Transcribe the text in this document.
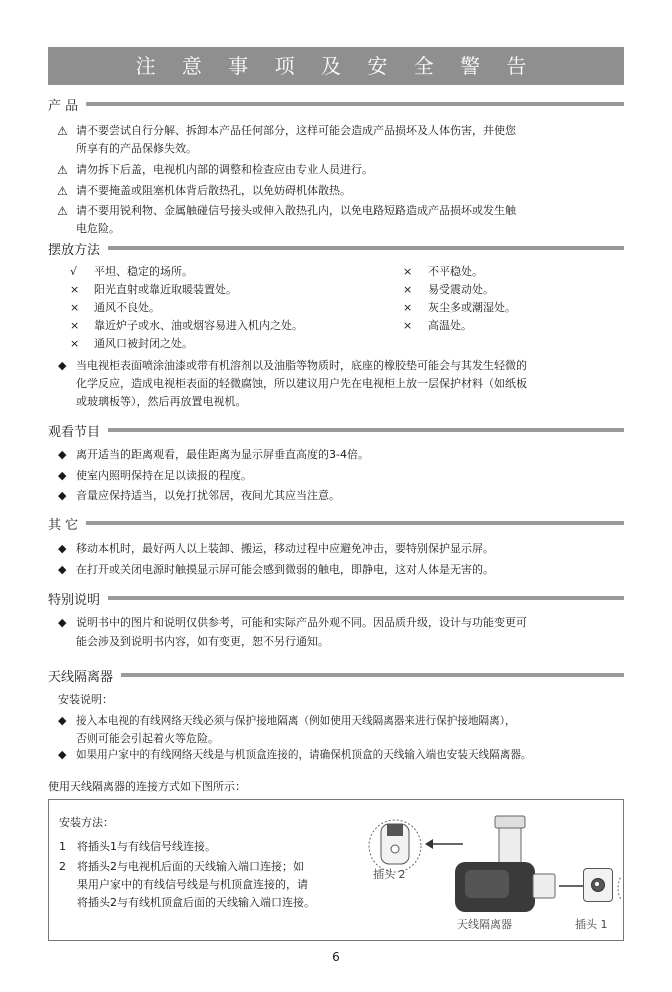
注 意 事 项 及 安 全 警 告
产 品
⚠ 请不要尝试自行分解、拆卸本产品任何部分，这样可能会造成产品损坏及人体伤害，并使您
所享有的产品保修失效。
⚠ 请勿拆下后盖，电视机内部的调整和检查应由专业人员进行。
⚠ 请不要掩盖或阻塞机体背后散热孔，以免妨碍机体散热。
⚠ 请不要用锐利物、金属触碰信号接头或伸入散热孔内，以免电路短路造成产品损坏或发生触
电危险。
摆放方法
√ 平坦、稳定的场所。
× 阳光直射或靠近取暖装置处。
× 通风不良处。
× 靠近炉子或水、油或烟容易进入机内之处。
× 通风口被封闭之处。
× 不平稳处。
× 易受震动处。
× 灰尘多或潮湿处。
× 高温处。
◆ 当电视柜表面喷涂油漆或带有机溶剂以及油脂等物质时，底座的橡胶垫可能会与其发生轻微的
化学反应，造成电视柜表面的轻微腐蚀，所以建议用户先在电视柜上放一层保护材料（如纸板
或玻璃板等），然后再放置电视机。
观看节目
◆ 离开适当的距离观看，最佳距离为显示屏垂直高度的3-4倍。
◆ 使室内照明保持在足以读报的程度。
◆ 音量应保持适当，以免打扰邻居，夜间尤其应当注意。
其 它
◆ 移动本机时，最好两人以上装卸、搬运，移动过程中应避免冲击，要特别保护显示屏。
◆ 在打开或关闭电源时触摸显示屏可能会感到微弱的触电，即静电，这对人体是无害的。
特别说明
◆ 说明书中的图片和说明仅供参考，可能和实际产品外观不同。因品质升级，设计与功能变更可
能会涉及到说明书内容，如有变更，恕不另行通知。
天线隔离器
安装说明：
◆ 接入本电视的有线网络天线必须与保护接地隔离（例如使用天线隔离器来进行保护接地隔离），
否则可能会引起着火等危险。
◆ 如果用户家中的有线网络天线是与机顶盒连接的，请确保机顶盒的天线输入端也安装天线隔离器。
使用天线隔离器的连接方式如下图所示：
安装方法：
1 将插头1与有线信号线连接。
2 将插头2与电视机后面的天线输入端口连接；如
果用户家中的有线信号线是与机顶盒连接的，请
将插头2与有线机顶盒后面的天线输入端口连接。
插头 2
天线隔离器	插头 1
6
